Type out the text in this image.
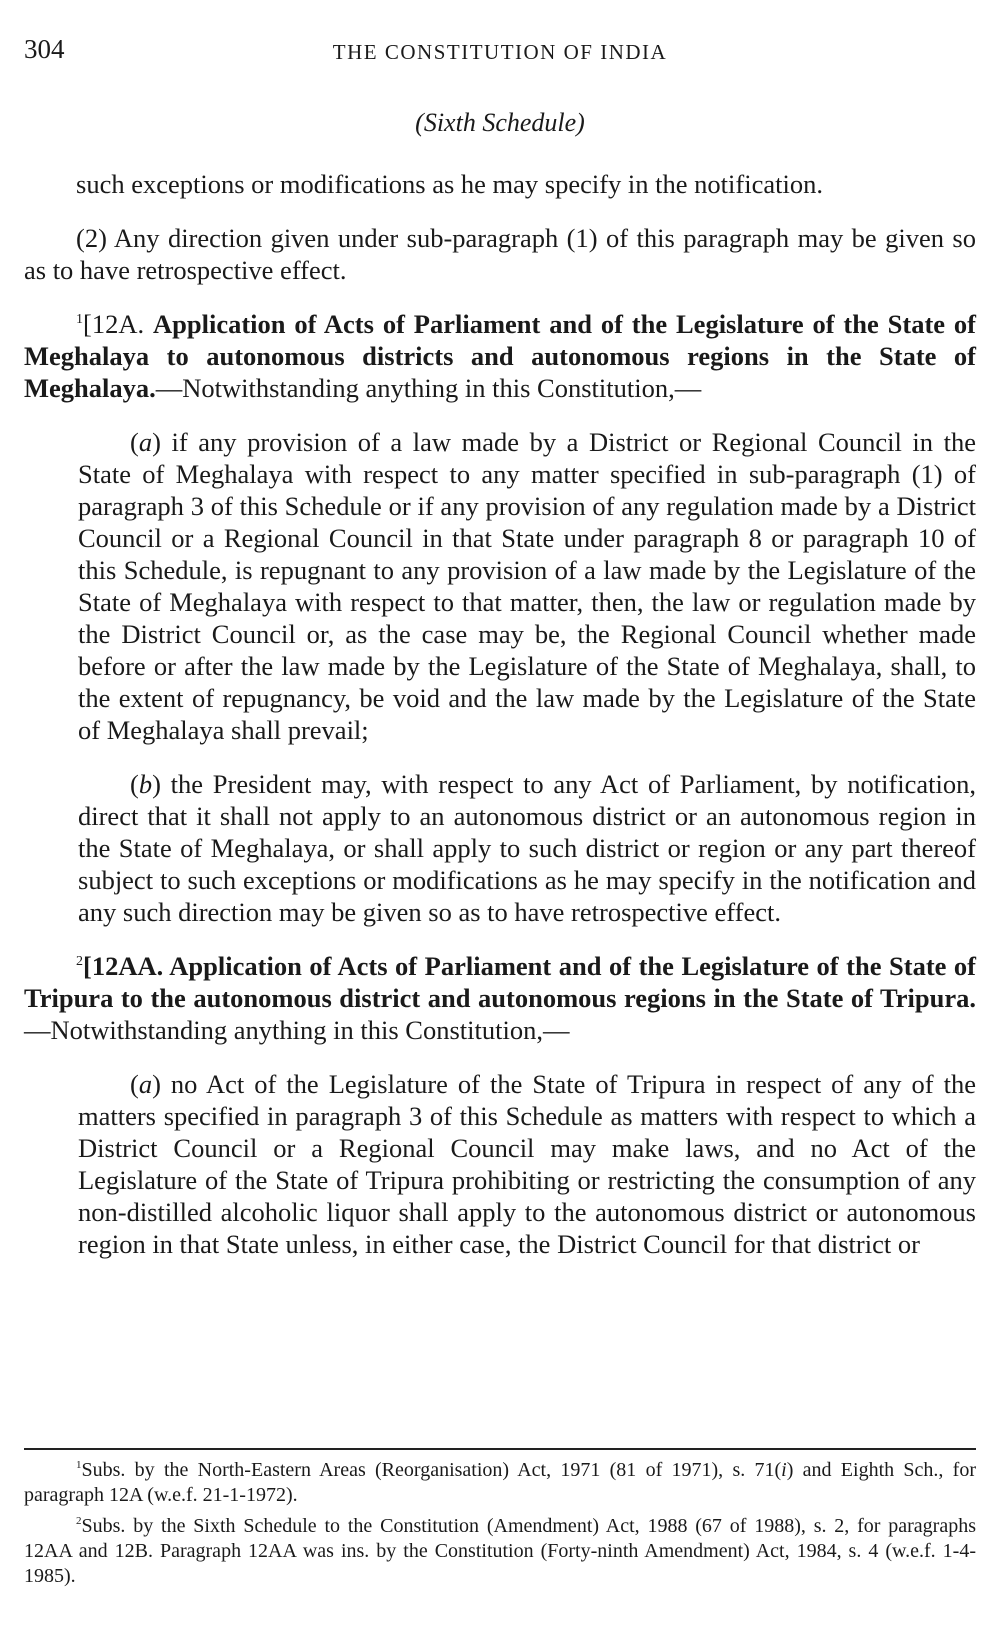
304	THE CONSTITUTION OF INDIA
(Sixth Schedule)

such exceptions or modifications as he may specify in the notification.

(2) Any direction given under sub-paragraph (1) of this paragraph may be given so as to have retrospective effect.

$^1$[12A. Application of Acts of Parliament and of the Legislature of the State of Meghalaya to autonomous districts and autonomous regions in the State of Meghalaya.—Notwithstanding anything in this Constitution,—

(a) if any provision of a law made by a District or Regional Council in the State of Meghalaya with respect to any matter specified in sub-paragraph (1) of paragraph 3 of this Schedule or if any provision of any regulation made by a District Council or a Regional Council in that State under paragraph 8 or paragraph 10 of this Schedule, is repugnant to any provision of a law made by the Legislature of the State of Meghalaya with respect to that matter, then, the law or regulation made by the District Council or, as the case may be, the Regional Council whether made before or after the law made by the Legislature of the State of Meghalaya, shall, to the extent of repugnancy, be void and the law made by the Legislature of the State of Meghalaya shall prevail;

(b) the President may, with respect to any Act of Parliament, by notification, direct that it shall not apply to an autonomous district or an autonomous region in the State of Meghalaya, or shall apply to such district or region or any part thereof subject to such exceptions or modifications as he may specify in the notification and any such direction may be given so as to have retrospective effect.

$^2$[12AA. Application of Acts of Parliament and of the Legislature of the State of Tripura to the autonomous district and autonomous regions in the State of Tripura.—Notwithstanding anything in this Constitution,—

(a) no Act of the Legislature of the State of Tripura in respect of any of the matters specified in paragraph 3 of this Schedule as matters with respect to which a District Council or a Regional Council may make laws, and no Act of the Legislature of the State of Tripura prohibiting or restricting the consumption of any non-distilled alcoholic liquor shall apply to the autonomous district or autonomous region in that State unless, in either case, the District Council for that district or

$^1$Subs. by the North-Eastern Areas (Reorganisation) Act, 1971 (81 of 1971), s. 71(i) and Eighth Sch., for paragraph 12A (w.e.f. 21-1-1972).

$^2$Subs. by the Sixth Schedule to the Constitution (Amendment) Act, 1988 (67 of 1988), s. 2, for paragraphs 12AA and 12B. Paragraph 12AA was ins. by the Constitution (Forty-ninth Amendment) Act, 1984, s. 4 (w.e.f. 1-4-1985).
